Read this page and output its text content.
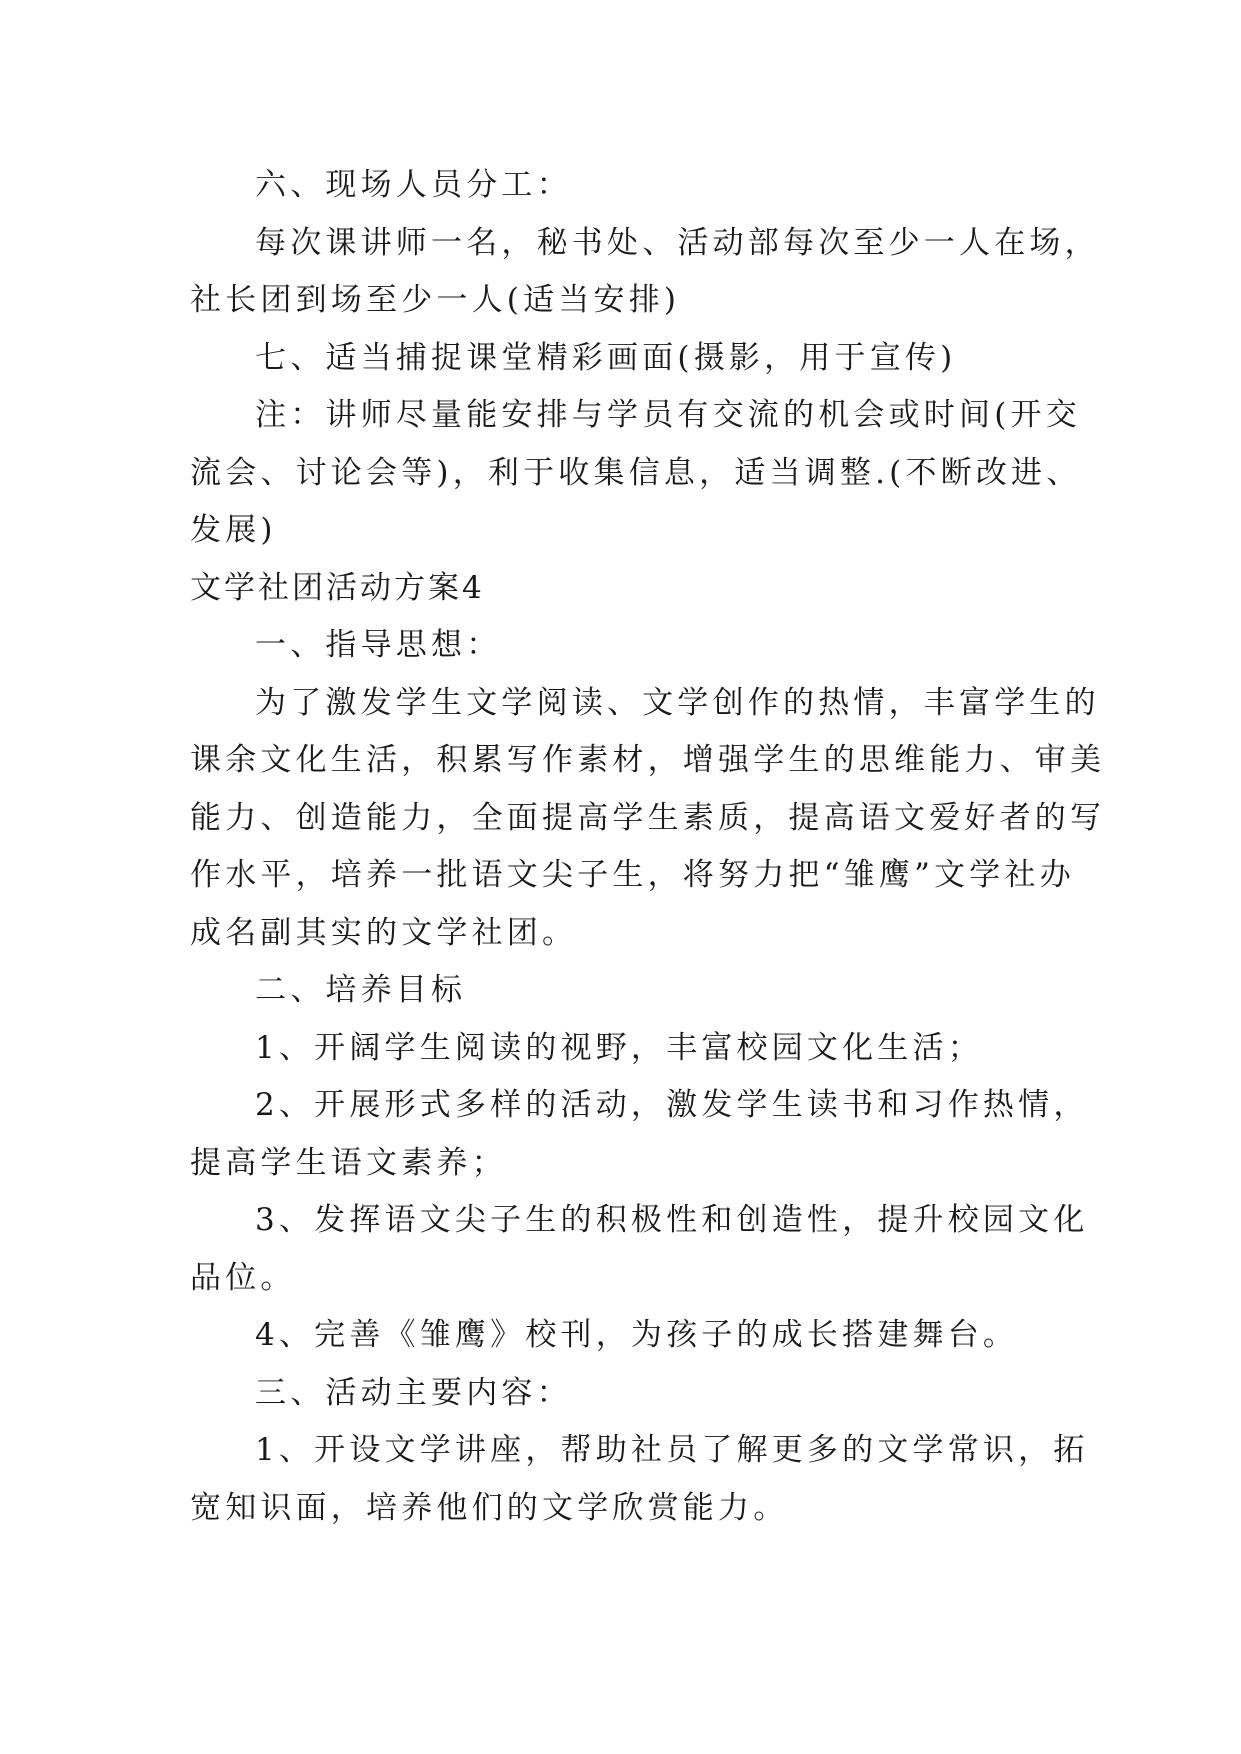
六、现场人员分工：
每次课讲师一名，秘书处、活动部每次至少一人在场，
社长团到场至少一人(适当安排)
七、适当捕捉课堂精彩画面(摄影，用于宣传)
注：讲师尽量能安排与学员有交流的机会或时间(开交
流会、讨论会等)，利于收集信息，适当调整.(不断改进、
发展)
文学社团活动方案4
一、指导思想：
为了激发学生文学阅读、文学创作的热情，丰富学生的
课余文化生活，积累写作素材，增强学生的思维能力、审美
能力、创造能力，全面提高学生素质，提高语文爱好者的写
作水平，培养一批语文尖子生，将努力把“雏鹰”文学社办
成名副其实的文学社团。
二、培养目标
1、开阔学生阅读的视野，丰富校园文化生活；
2、开展形式多样的活动，激发学生读书和习作热情，
提高学生语文素养；
3、发挥语文尖子生的积极性和创造性，提升校园文化
品位。
4、完善《雏鹰》校刊，为孩子的成长搭建舞台。
三、活动主要内容：
1、开设文学讲座，帮助社员了解更多的文学常识，拓
宽知识面，培养他们的文学欣赏能力。
